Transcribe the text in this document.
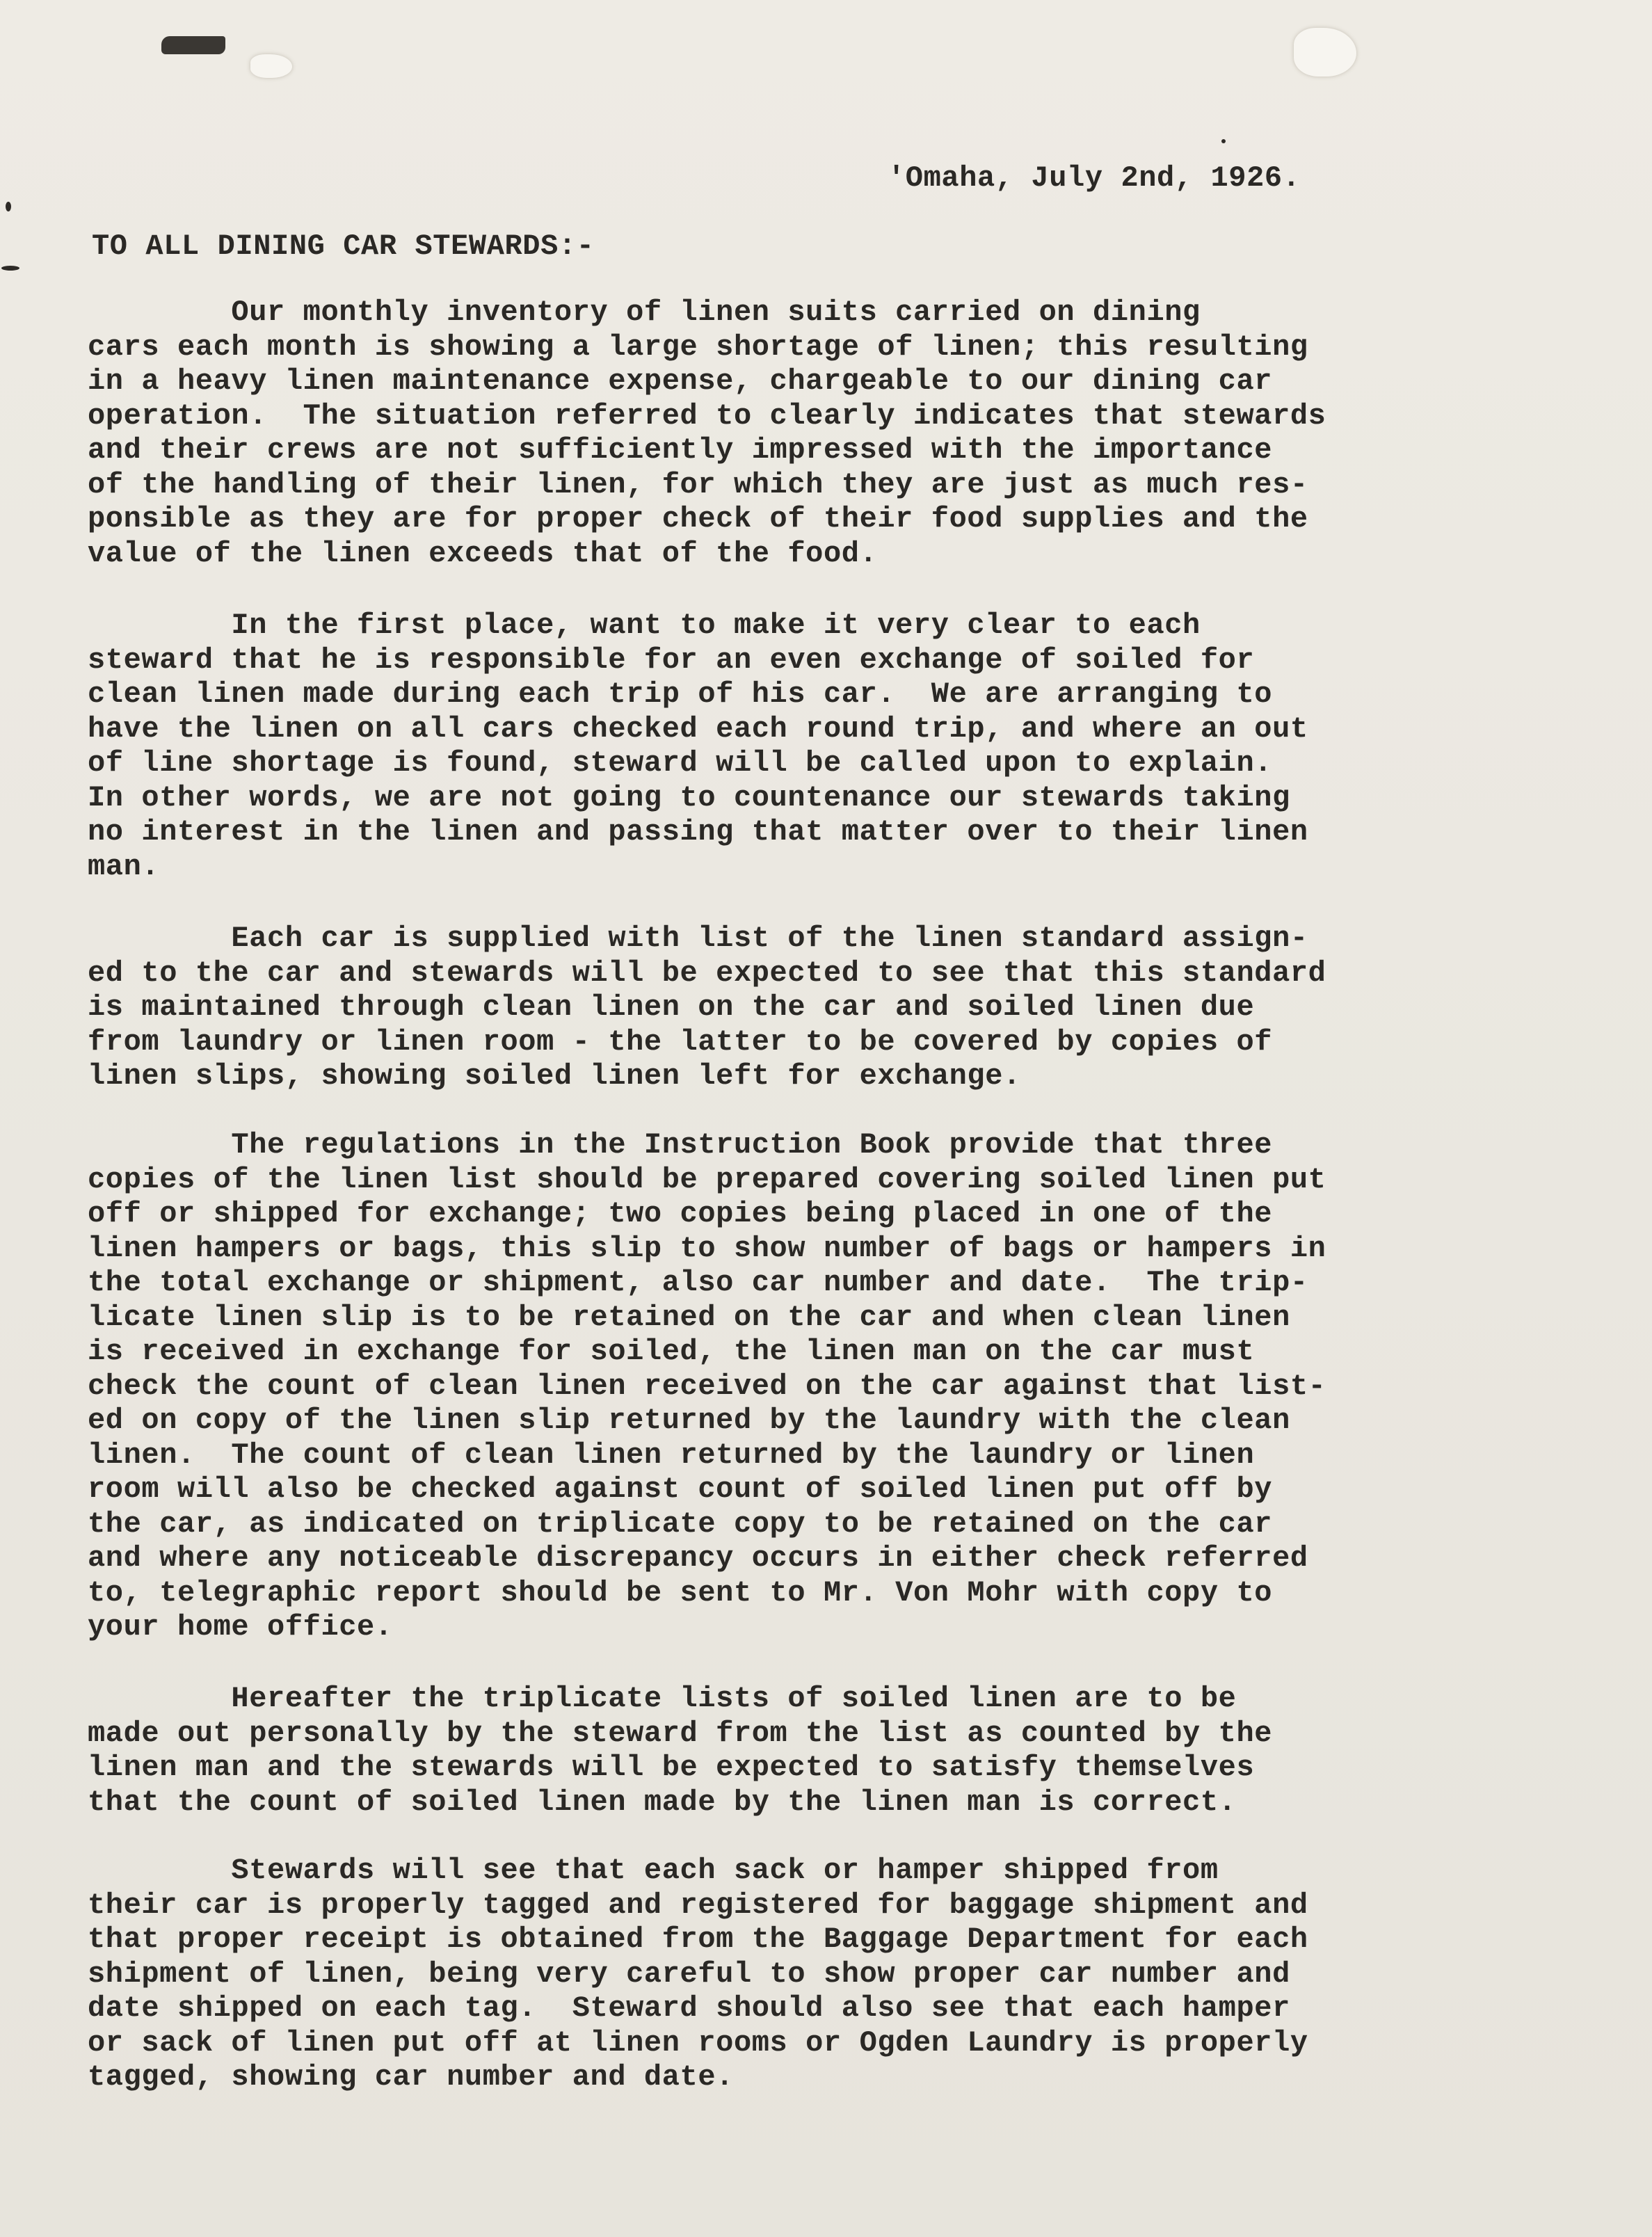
'Omaha, July 2nd, 1926.
TO ALL DINING CAR STEWARDS:-
Our monthly inventory of linen suits carried on dining
cars each month is showing a large shortage of linen; this resulting
in a heavy linen maintenance expense, chargeable to our dining car
operation.  The situation referred to clearly indicates that stewards
and their crews are not sufficiently impressed with the importance
of the handling of their linen, for which they are just as much res-
ponsible as they are for proper check of their food supplies and the
value of the linen exceeds that of the food.
In the first place, want to make it very clear to each
steward that he is responsible for an even exchange of soiled for
clean linen made during each trip of his car.  We are arranging to
have the linen on all cars checked each round trip, and where an out
of line shortage is found, steward will be called upon to explain.
In other words, we are not going to countenance our stewards taking
no interest in the linen and passing that matter over to their linen
man.
Each car is supplied with list of the linen standard assign-
ed to the car and stewards will be expected to see that this standard
is maintained through clean linen on the car and soiled linen due
from laundry or linen room - the latter to be covered by copies of
linen slips, showing soiled linen left for exchange.
The regulations in the Instruction Book provide that three
copies of the linen list should be prepared covering soiled linen put
off or shipped for exchange; two copies being placed in one of the
linen hampers or bags, this slip to show number of bags or hampers in
the total exchange or shipment, also car number and date.  The trip-
licate linen slip is to be retained on the car and when clean linen
is received in exchange for soiled, the linen man on the car must
check the count of clean linen received on the car against that list-
ed on copy of the linen slip returned by the laundry with the clean
linen.  The count of clean linen returned by the laundry or linen
room will also be checked against count of soiled linen put off by
the car, as indicated on triplicate copy to be retained on the car
and where any noticeable discrepancy occurs in either check referred
to, telegraphic report should be sent to Mr. Von Mohr with copy to
your home office.
Hereafter the triplicate lists of soiled linen are to be
made out personally by the steward from the list as counted by the
linen man and the stewards will be expected to satisfy themselves
that the count of soiled linen made by the linen man is correct.
Stewards will see that each sack or hamper shipped from
their car is properly tagged and registered for baggage shipment and
that proper receipt is obtained from the Baggage Department for each
shipment of linen, being very careful to show proper car number and
date shipped on each tag.  Steward should also see that each hamper
or sack of linen put off at linen rooms or Ogden Laundry is properly
tagged, showing car number and date.
